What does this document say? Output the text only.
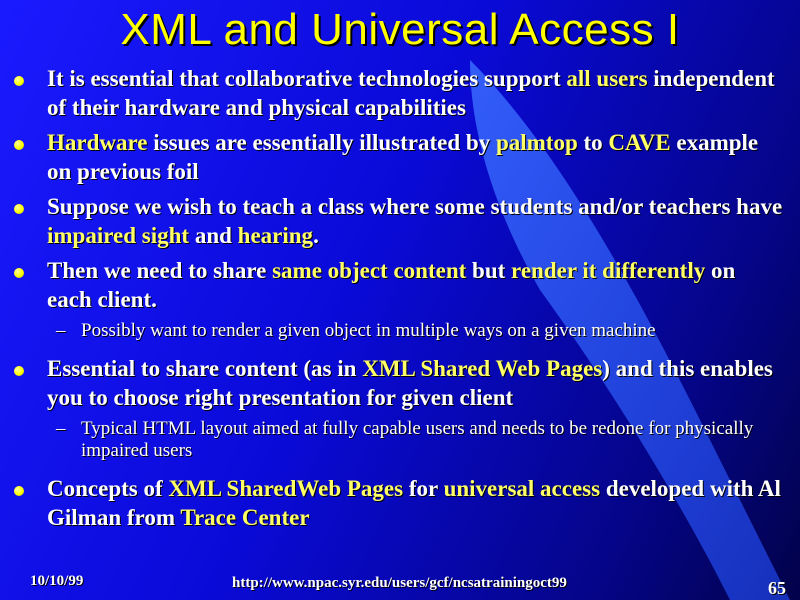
XML and Universal Access I
It is essential that collaborative technologies support all users independent of their hardware and physical capabilities
Hardware issues are essentially illustrated by palmtop to CAVE example on previous foil
Suppose we wish to teach a class where some students and/or teachers have impaired sight and hearing.
Then we need to share same object content but render it differently on each client.
– Possibly want to render a given object in multiple ways on a given machine
Essential to share content (as in XML Shared Web Pages) and this enables you to choose right presentation for given client
– Typical HTML layout aimed at fully capable users and needs to be redone for physically impaired users
Concepts of XML SharedWeb Pages for universal access developed with Al Gilman from Trace Center
10/10/99	http://www.npac.syr.edu/users/gcf/ncsatrainingoct99	65
